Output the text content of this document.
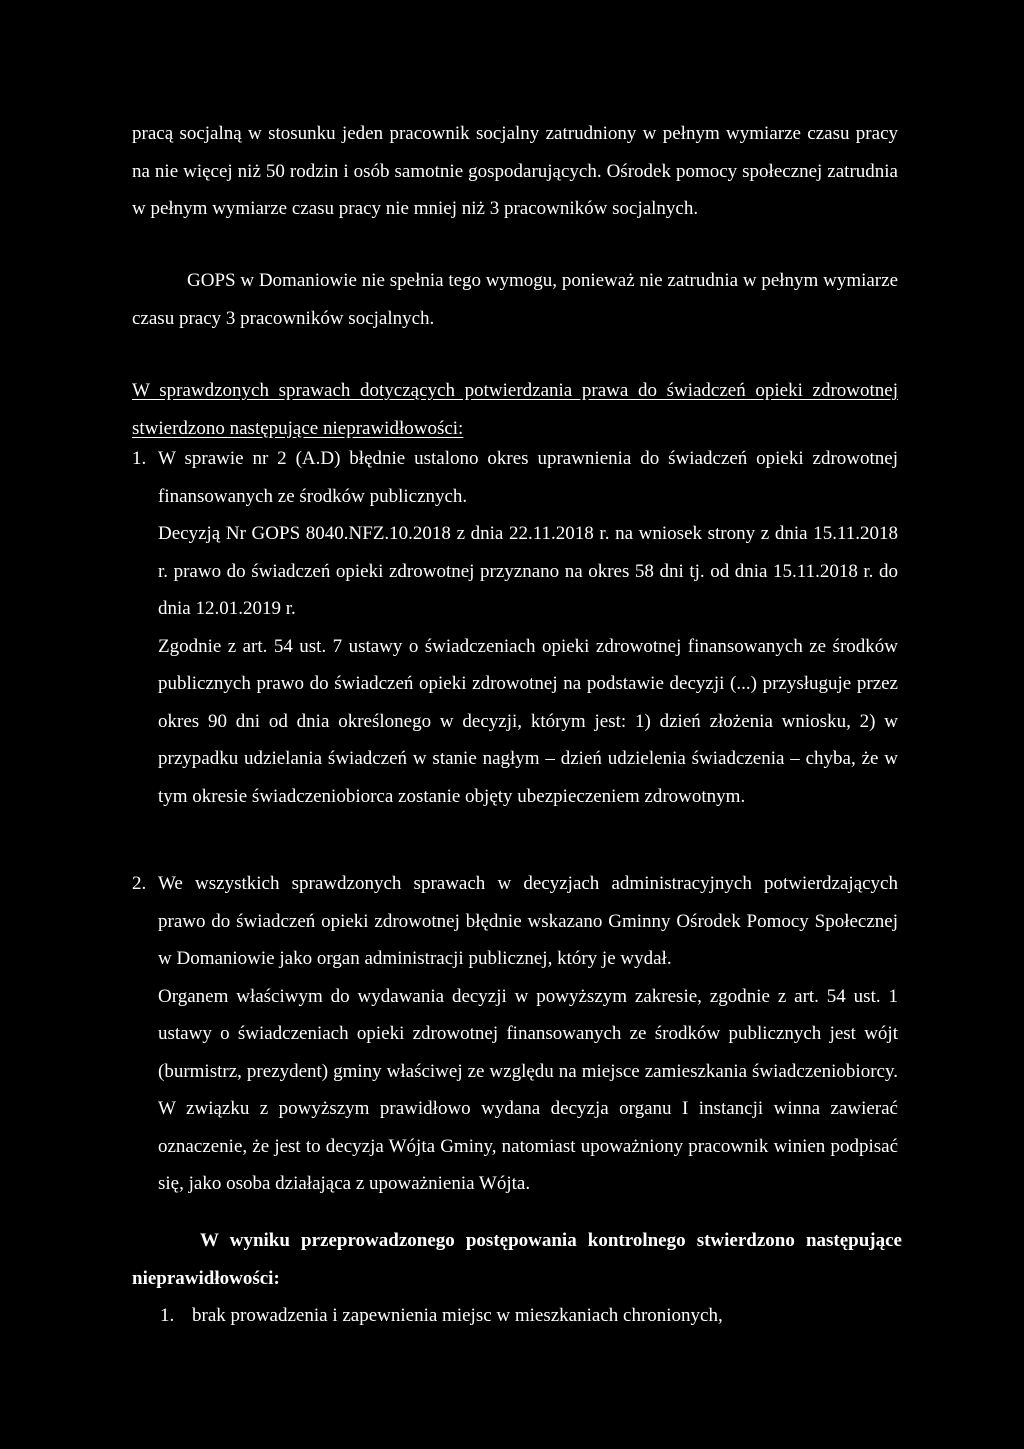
pracą socjalną w stosunku jeden pracownik socjalny zatrudniony w pełnym wymiarze czasu pracy na nie więcej niż 50 rodzin i osób samotnie gospodarujących. Ośrodek pomocy społecznej zatrudnia w pełnym wymiarze czasu pracy nie mniej niż 3 pracowników socjalnych.

GOPS w Domaniowie nie spełnia tego wymogu, ponieważ nie zatrudnia w pełnym wymiarze czasu pracy 3 pracowników socjalnych.

W sprawdzonych sprawach dotyczących potwierdzania prawa do świadczeń opieki zdrowotnej stwierdzono następujące nieprawidłowości:

1. W sprawie nr 2 (A.D) błędnie ustalono okres uprawnienia do świadczeń opieki zdrowotnej finansowanych ze środków publicznych.

Decyzją Nr GOPS 8040.NFZ.10.2018 z dnia 22.11.2018 r. na wniosek strony z dnia 15.11.2018 r. prawo do świadczeń opieki zdrowotnej przyznano na okres 58 dni tj. od dnia 15.11.2018 r. do dnia 12.01.2019 r.

Zgodnie z art. 54 ust. 7 ustawy o świadczeniach opieki zdrowotnej finansowanych ze środków publicznych prawo do świadczeń opieki zdrowotnej na podstawie decyzji (...) przysługuje przez okres 90 dni od dnia określonego w decyzji, którym jest: 1) dzień złożenia wniosku, 2) w przypadku udzielania świadczeń w stanie nagłym – dzień udzielenia świadczenia – chyba, że w tym okresie świadczeniobiorca zostanie objęty ubezpieczeniem zdrowotnym.

2. We wszystkich sprawdzonych sprawach w decyzjach administracyjnych potwierdzających prawo do świadczeń opieki zdrowotnej błędnie wskazano Gminny Ośrodek Pomocy Społecznej w Domaniowie jako organ administracji publicznej, który je wydał.

Organem właściwym do wydawania decyzji w powyższym zakresie, zgodnie z art. 54 ust. 1 ustawy o świadczeniach opieki zdrowotnej finansowanych ze środków publicznych jest wójt (burmistrz, prezydent) gminy właściwej ze względu na miejsce zamieszkania świadczeniobiorcy. W związku z powyższym prawidłowo wydana decyzja organu I instancji winna zawierać oznaczenie, że jest to decyzja Wójta Gminy, natomiast upoważniony pracownik winien podpisać się, jako osoba działająca z upoważnienia Wójta.

W wyniku przeprowadzonego postępowania kontrolnego stwierdzono następujące nieprawidłowości:

1. brak prowadzenia i zapewnienia miejsc w mieszkaniach chronionych,
